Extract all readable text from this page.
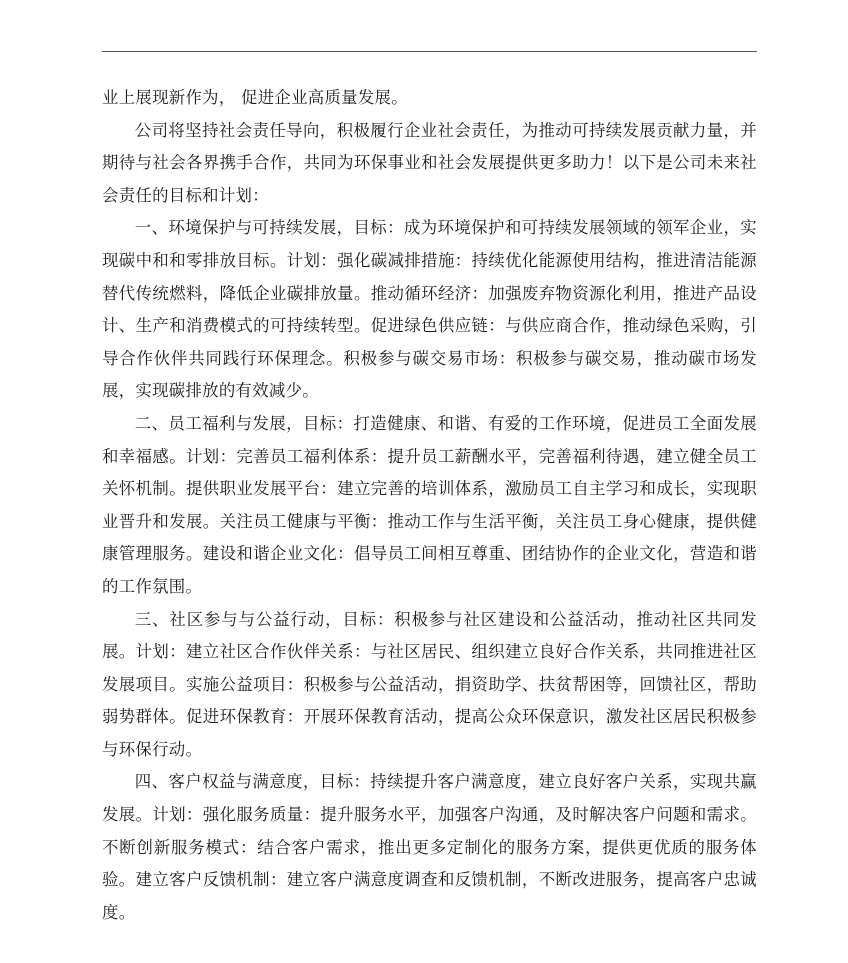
业上展现新作为， 促进企业高质量发展。

公司将坚持社会责任导向，积极履行企业社会责任，为推动可持续发展贡献力量，并期待与社会各界携手合作，共同为环保事业和社会发展提供更多助力！以下是公司未来社会责任的目标和计划：

一、环境保护与可持续发展，目标：成为环境保护和可持续发展领域的领军企业，实现碳中和和零排放目标。计划：强化碳减排措施：持续优化能源使用结构，推进清洁能源替代传统燃料，降低企业碳排放量。推动循环经济：加强废弃物资源化利用，推进产品设计、生产和消费模式的可持续转型。促进绿色供应链：与供应商合作，推动绿色采购，引导合作伙伴共同践行环保理念。积极参与碳交易市场：积极参与碳交易，推动碳市场发展，实现碳排放的有效减少。

二、员工福利与发展，目标：打造健康、和谐、有爱的工作环境，促进员工全面发展和幸福感。计划：完善员工福利体系：提升员工薪酬水平，完善福利待遇，建立健全员工关怀机制。提供职业发展平台：建立完善的培训体系，激励员工自主学习和成长，实现职业晋升和发展。关注员工健康与平衡：推动工作与生活平衡，关注员工身心健康，提供健康管理服务。建设和谐企业文化：倡导员工间相互尊重、团结协作的企业文化，营造和谐的工作氛围。

三、社区参与与公益行动，目标：积极参与社区建设和公益活动，推动社区共同发展。计划：建立社区合作伙伴关系：与社区居民、组织建立良好合作关系，共同推进社区发展项目。实施公益项目：积极参与公益活动，捐资助学、扶贫帮困等，回馈社区，帮助弱势群体。促进环保教育：开展环保教育活动，提高公众环保意识，激发社区居民积极参与环保行动。

四、客户权益与满意度，目标：持续提升客户满意度，建立良好客户关系，实现共赢发展。计划：强化服务质量：提升服务水平，加强客户沟通，及时解决客户问题和需求。不断创新服务模式：结合客户需求，推出更多定制化的服务方案，提供更优质的服务体验。建立客户反馈机制：建立客户满意度调查和反馈机制，不断改进服务，提高客户忠诚度。
